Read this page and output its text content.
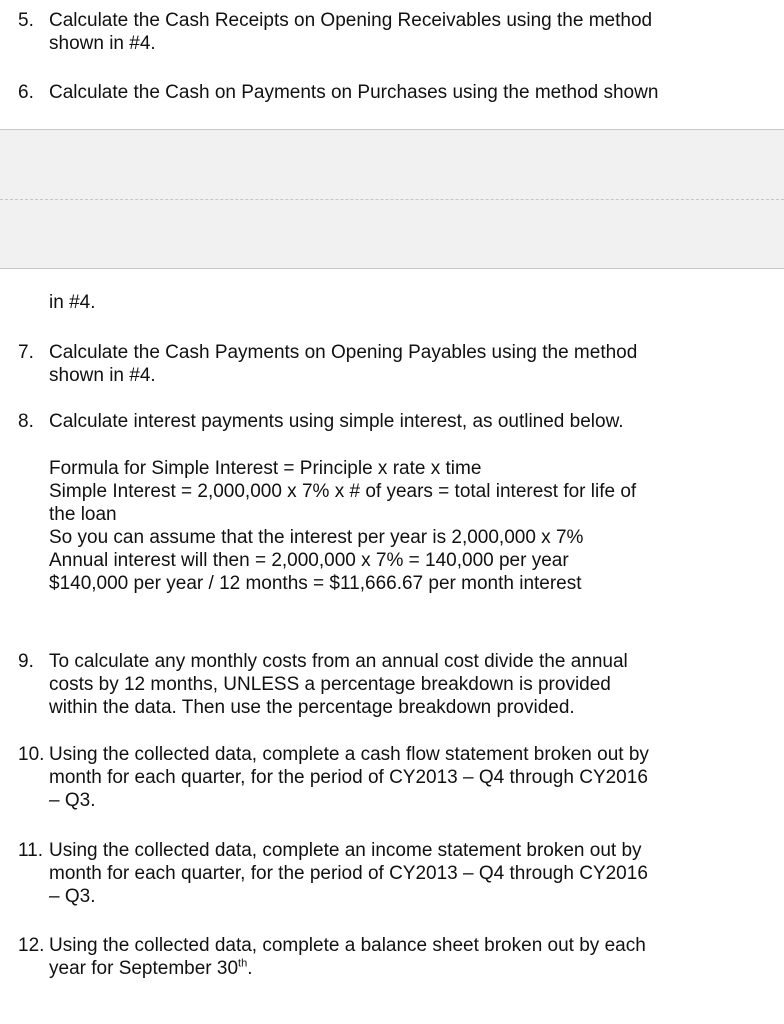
5. Calculate the Cash Receipts on Opening Receivables using the method
shown in #4.
6. Calculate the Cash on Payments on Purchases using the method shown
in #4.
7. Calculate the Cash Payments on Opening Payables using the method
shown in #4.
8. Calculate interest payments using simple interest, as outlined below.
Formula for Simple Interest = Principle x rate x time
Simple Interest = 2,000,000 x 7% x # of years = total interest for life of
the loan
So you can assume that the interest per year is 2,000,000 x 7%
Annual interest will then = 2,000,000 x 7% = 140,000 per year
$140,000 per year / 12 months = $11,666.67 per month interest
9. To calculate any monthly costs from an annual cost divide the annual
costs by 12 months, UNLESS a percentage breakdown is provided
within the data. Then use the percentage breakdown provided.
10. Using the collected data, complete a cash flow statement broken out by
month for each quarter, for the period of CY2013 – Q4 through CY2016
– Q3.
11. Using the collected data, complete an income statement broken out by
month for each quarter, for the period of CY2013 – Q4 through CY2016
– Q3.
12. Using the collected data, complete a balance sheet broken out by each
year for September 30th.
